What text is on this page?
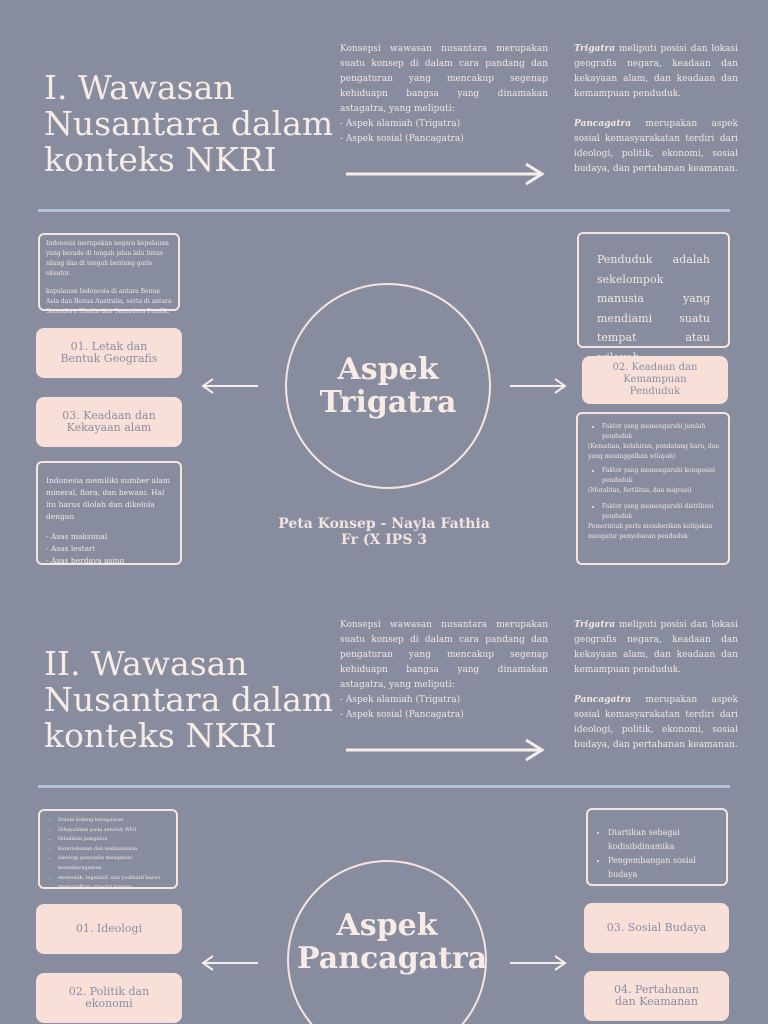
I. Wawasan Nusantara dalam konteks NKRI
Konsepsi wawasan nusantara merupakan suatu konsep di dalam cara pandang dan pengaturan yang mencakup segenap kehiduapn bangsa yang dinamakan astagatra, yang meliputi:
- Aspek alamiah (Trigatra)
- Aspek sosial (Pancagatra)
Trigatra meliputi posisi dan lokasi geografis negara, keadaan dan kekayaan alam, dan keadaan dan kemampuan penduduk.
Pancagatra merupakan aspek sosial kemasyarakatan terdiri dari ideologi, politik, ekonomi, sosial budaya, dan pertahanan keamanan.
Indonesia merupakan negara kepulauan yang berada di tengah jalan lalu lintas silang dan di tengah bentang garis ekuator.
kepulauan Indonesia di antara Benua Asia dan Benua Australia, serta di antara Samudera Hindia dan Samudera Pasifik.
01. Letak dan Bentuk Geografis
03. Keadaan dan Kekayaan alam
Indonesia memiliki sumber alam mineral, flora, dan hewani. Hal itu harus diolah dan dikelola dengan
- Asas maksimal
- Asas lestari
- Asas berdaya asing
Aspek Trigatra
Peta Konsep - Nayla Fathia Fr (X IPS 3
Penduduk adalah sekelompok manusia yang mendiami suatu tempat atau
02. Keadaan dan Kemampuan Penduduk
• Faktor yang memengaruhi jumlah penduduk
(Kematian, kelahiran, pendatang baru, dan yang meninggalkan wilayah)
• Faktor yang memengaruhi komposisi penduduk
(Moralitas, fertilitas, dan migrasi)
• Faktor yang memengaruhi distribusi penduduk
Pemerintah perlu memberikan kebijakan mengatur penyebaran penduduk
II. Wawasan Nusantara dalam konteks NKRI
Konsepsi wawasan nusantara merupakan suatu konsep di dalam cara pandang dan pengaturan yang mencakup segenap kehiduapn bangsa yang dinamakan astagatra, yang meliputi:
- Aspek alamiah (Trigatra)
- Aspek sosial (Pancagatra)
Trigatra meliputi posisi dan lokasi geografis negara, keadaan dan kekayaan alam, dan keadaan dan kemampuan penduduk.
Pancagatra merupakan aspek sosial kemasyarakatan terdiri dari ideologi, politik, ekonomi, sosial budaya, dan pertahanan keamanan.
• Dalam bidang keragaman
• Dihayatikan pada seluruh WNI
• Diladikan pangalua
• Ketertekanan dan kedinamikan
• Ideologi pancasila mengatasi keanekaragaman
• ekonomik, legislatif, dan yudikatif harus mewujudkan cita-cita bangsa
01. Ideologi
02. Politik dan ekonomi
Aspek Pancagatra
• Diartikan sebagai kodisibdinamika
• Pengembangan sosial budaya
03. Sosial Budaya
04. Pertahanan dan Keamanan
